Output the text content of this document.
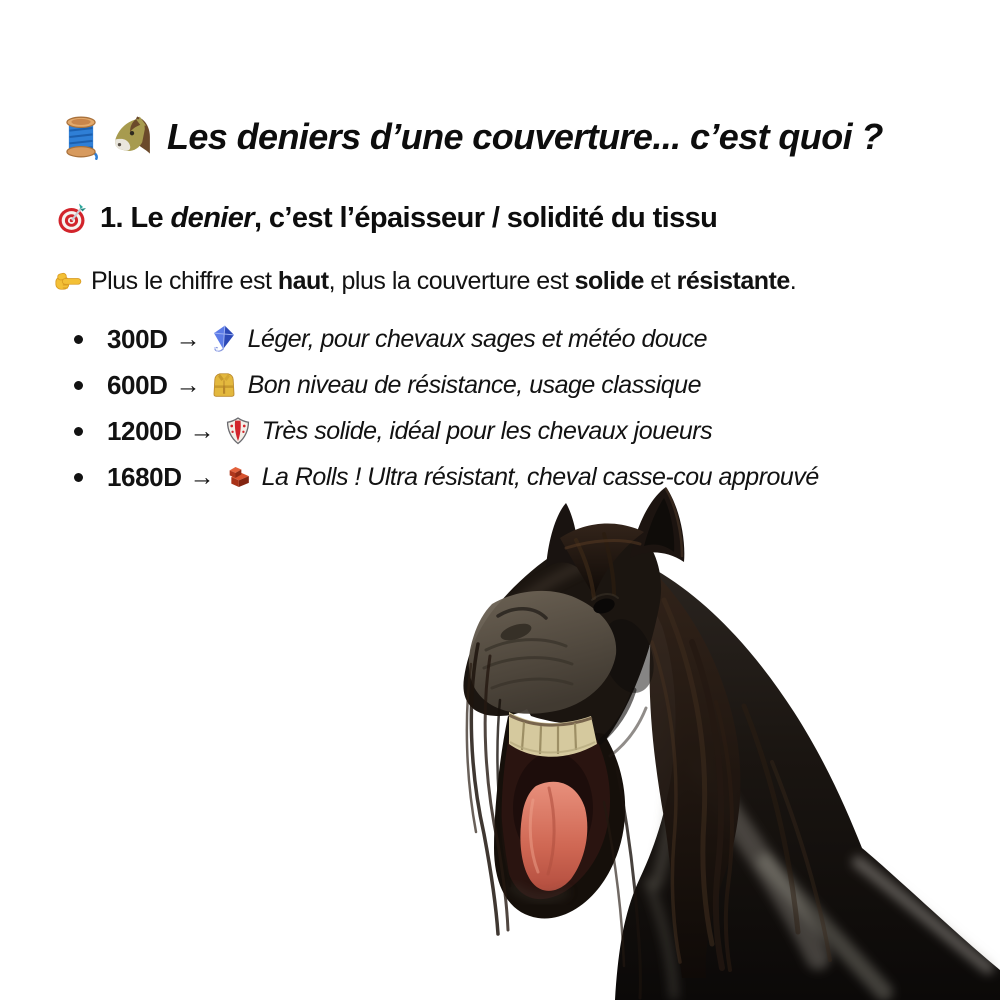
Les deniers d’une couverture... c’est quoi ?
1. Le denier, c’est l’épaisseur / solidité du tissu
Plus le chiffre est haut, plus la couverture est solide et résistante.
300D → Léger, pour chevaux sages et météo douce
600D → Bon niveau de résistance, usage classique
1200D → Très solide, idéal pour les chevaux joueurs
1680D → La Rolls ! Ultra résistant, cheval casse-cou approuvé
